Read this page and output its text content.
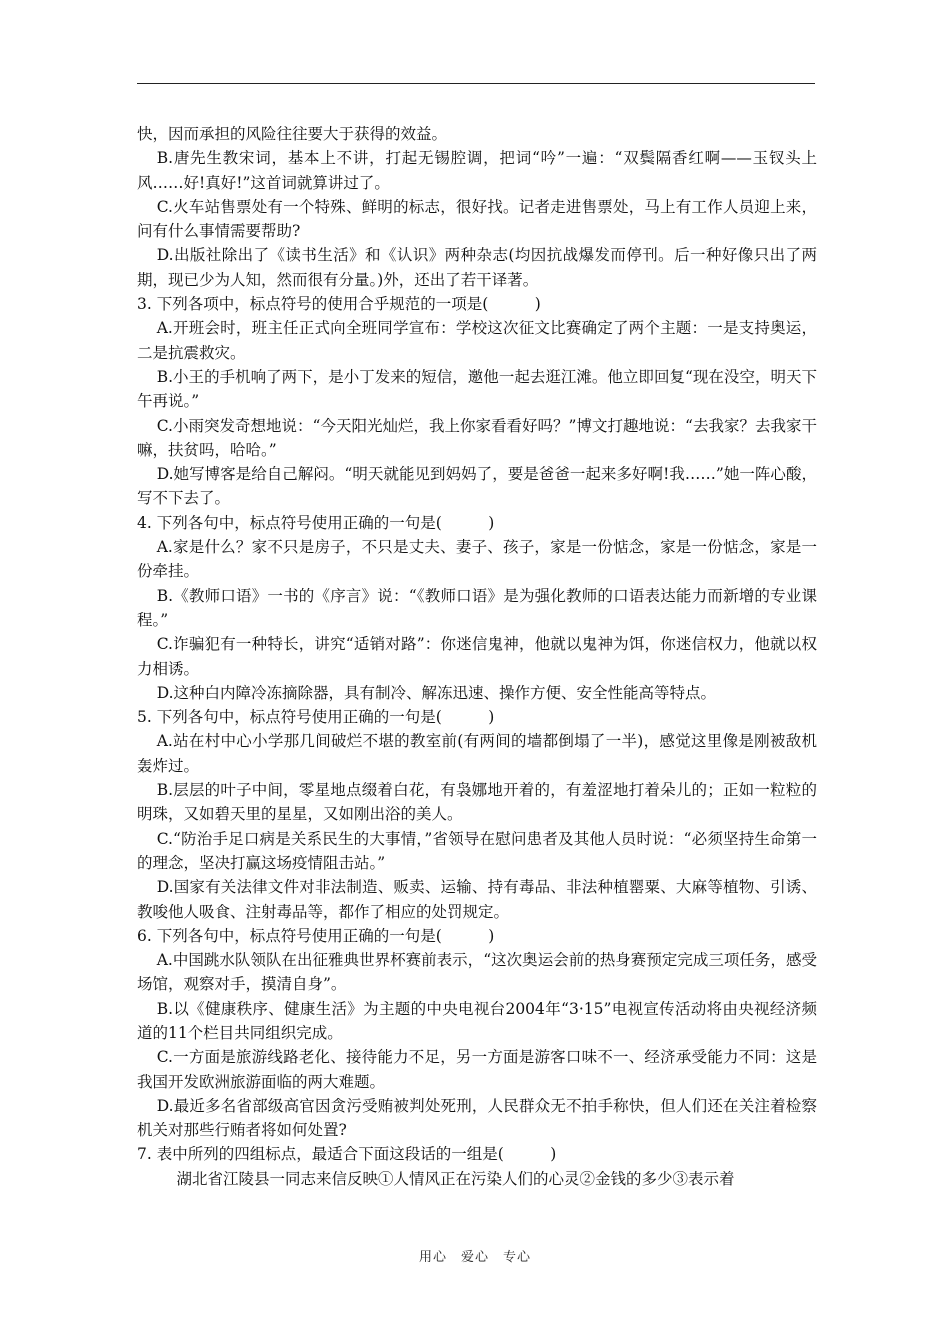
快，因而承担的风险往往要大于获得的效益。

B.唐先生教宋词，基本上不讲，打起无锡腔调，把词“吟”一遍：“双鬓隔香红啊——玉钗头上风……好!真好!”这首词就算讲过了。

C.火车站售票处有一个特殊、鲜明的标志，很好找。记者走进售票处，马上有工作人员迎上来，问有什么事情需要帮助?

D.出版社除出了《读书生活》和《认识》两种杂志(均因抗战爆发而停刊。后一种好像只出了两期，现已少为人知，然而很有分量。)外，还出了若干译著。

3. 下列各项中，标点符号的使用合乎规范的一项是(　　　)

A.开班会时，班主任正式向全班同学宣布：学校这次征文比赛确定了两个主题：一是支持奥运，二是抗震救灾。

B.小王的手机响了两下，是小丁发来的短信，邀他一起去逛江滩。他立即回复“现在没空，明天下午再说。”

C.小雨突发奇想地说：“今天阳光灿烂，我上你家看看好吗？”博文打趣地说：“去我家？去我家干嘛，扶贫吗，哈哈。”

D.她写博客是给自己解闷。“明天就能见到妈妈了，要是爸爸一起来多好啊!我……”她一阵心酸，写不下去了。

4. 下列各句中，标点符号使用正确的一句是(　　　)

A.家是什么？家不只是房子，不只是丈夫、妻子、孩子，家是一份惦念，家是一份惦念，家是一份牵挂。

B.《教师口语》一书的《序言》说：“《教师口语》是为强化教师的口语表达能力而新增的专业课程。”

C.诈骗犯有一种特长，讲究“适销对路”：你迷信鬼神，他就以鬼神为饵，你迷信权力，他就以权力相诱。

D.这种白内障冷冻摘除器，具有制冷、解冻迅速、操作方便、安全性能高等特点。

5. 下列各句中，标点符号使用正确的一句是(　　　)

A.站在村中心小学那几间破烂不堪的教室前(有两间的墙都倒塌了一半)，感觉这里像是刚被敌机轰炸过。

B.层层的叶子中间，零星地点缀着白花，有袅娜地开着的，有羞涩地打着朵儿的；正如一粒粒的明珠，又如碧天里的星星，又如刚出浴的美人。

C.“防治手足口病是关系民生的大事情，”省领导在慰问患者及其他人员时说：“必须坚持生命第一的理念，坚决打赢这场疫情阻击站。”

D.国家有关法律文件对非法制造、贩卖、运输、持有毒品、非法种植罂粟、大麻等植物、引诱、教唆他人吸食、注射毒品等，都作了相应的处罚规定。

6. 下列各句中，标点符号使用正确的一句是(　　　)

A.中国跳水队领队在出征雅典世界杯赛前表示，“这次奥运会前的热身赛预定完成三项任务，感受场馆，观察对手，摸清自身”。

B.以《健康秩序、健康生活》为主题的中央电视台2004年“3·15”电视宣传活动将由央视经济频道的11个栏目共同组织完成。

C.一方面是旅游线路老化、接待能力不足，另一方面是游客口味不一、经济承受能力不同：这是我国开发欧洲旅游面临的两大难题。

D.最近多名省部级高官因贪污受贿被判处死刑，人民群众无不拍手称快，但人们还在关注着检察机关对那些行贿者将如何处置?

7. 表中所列的四组标点，最适合下面这段话的一组是(　　　)

湖北省江陵县一同志来信反映①人情风正在污染人们的心灵②金钱的多少③表示着

用心　爱心　专心
